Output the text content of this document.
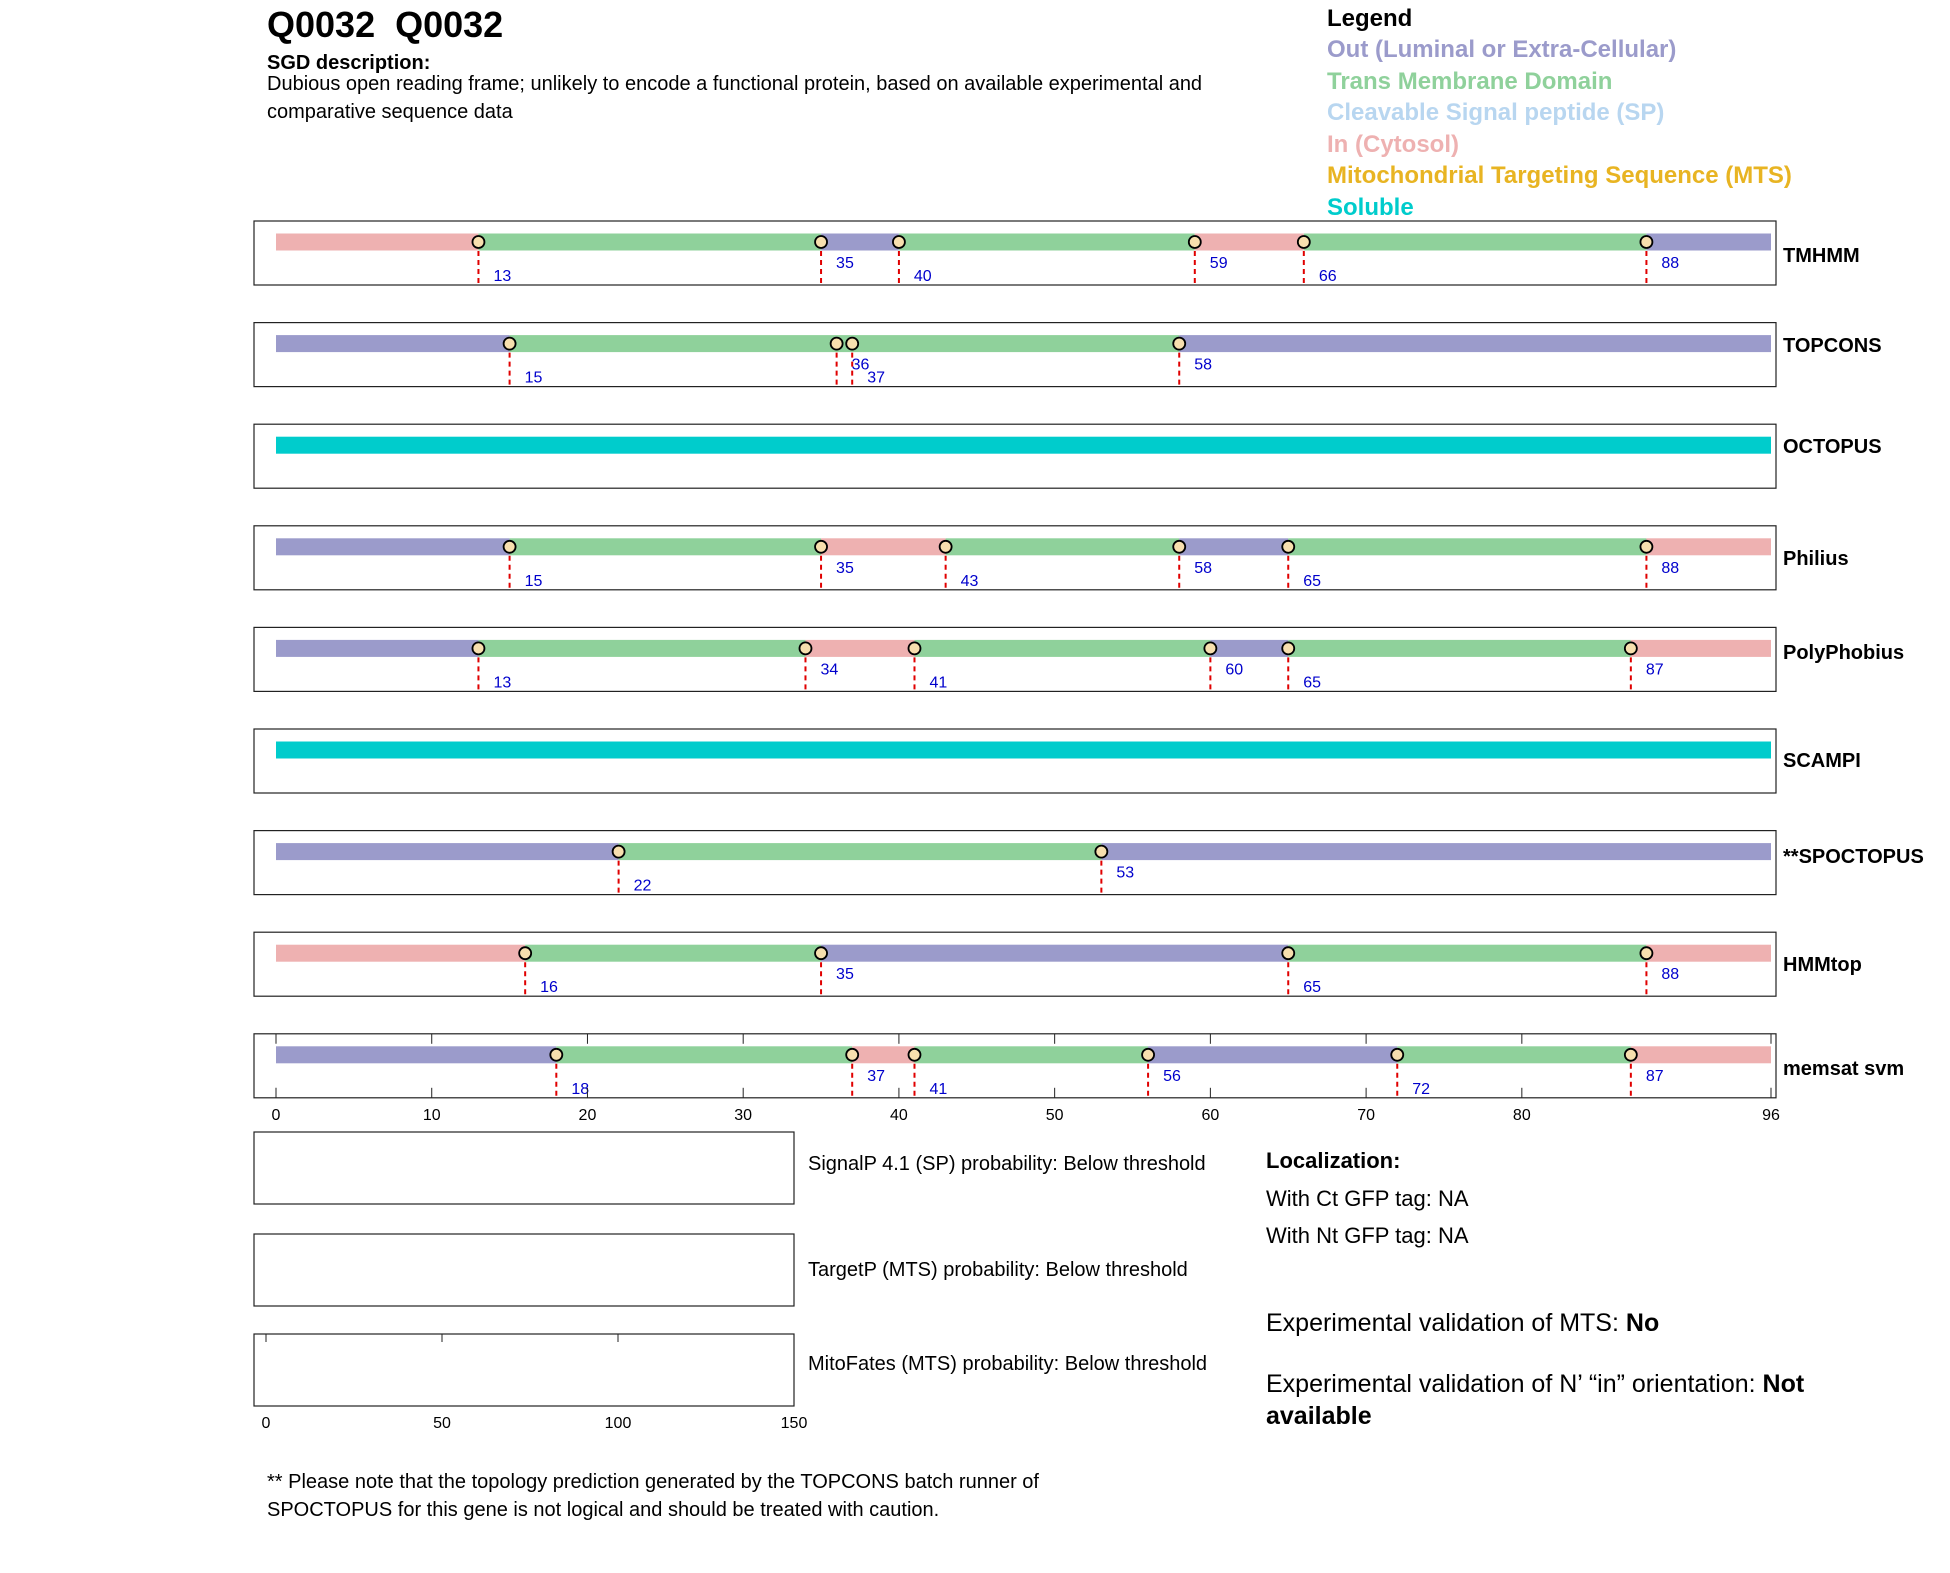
Q0032  Q0032
SGD description:
Dubious open reading frame; unlikely to encode a functional protein, based on available experimental and comparative sequence data
Legend
Out (Luminal or Extra-Cellular)
Trans Membrane Domain
Cleavable Signal peptide (SP)
In (Cytosol)
Mitochondrial Targeting Sequence (MTS)
Soluble
13
35
40
59
66
88	TMHMM
15
36
37
58
TOPCONS
OCTOPUS
15
35
43
58
65
88	Philius
13
34
41
60
65
87
PolyPhobius
SCAMPI
22
53
**SPOCTOPUS
16
35
65
88	HMMtop
18
37
41
56
72
87	memsat svm
0	10	20	30	40	50	60	70	80	96
0	50	100	150
SignalP 4.1 (SP) probability: Below threshold
TargetP (MTS) probability: Below threshold
MitoFates (MTS) probability: Below threshold
Localization:
With Ct GFP tag: NA
With Nt GFP tag: NA
Experimental validation of MTS: No
Experimental validation of N’ “in” orientation: Not available
** Please note that the topology prediction generated by the TOPCONS batch runner of SPOCTOPUS for this gene is not logical and should be treated with caution.
